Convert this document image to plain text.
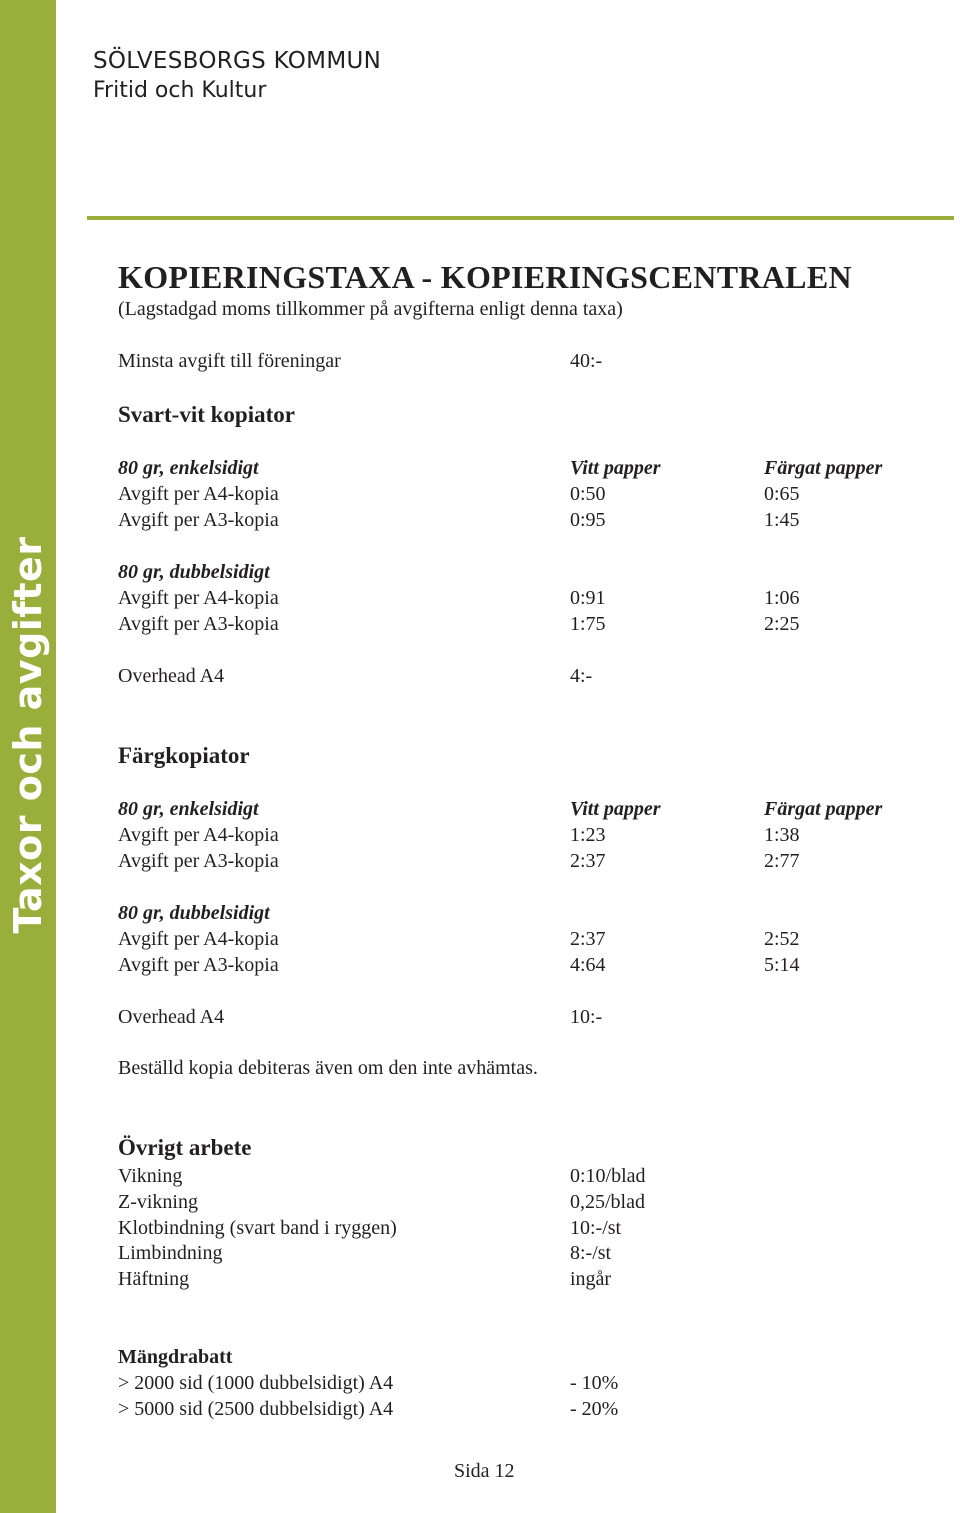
Taxor och avgifter
SÖLVESBORGS KOMMUN
Fritid och Kultur
KOPIERINGSTAXA - KOPIERINGSCENTRALEN
(Lagstadgad moms tillkommer på avgifterna enligt denna taxa)
Minsta avgift till föreningar	40:-
Svart-vit kopiator
80 gr, enkelsidigt	Vitt papper	Färgat papper
Avgift per A4-kopia	0:50	0:65
Avgift per A3-kopia	0:95	1:45
80 gr, dubbelsidigt
Avgift per A4-kopia	0:91	1:06
Avgift per A3-kopia	1:75	2:25
Overhead A4	4:-
Färgkopiator
80 gr, enkelsidigt	Vitt papper	Färgat papper
Avgift per A4-kopia	1:23	1:38
Avgift per A3-kopia	2:37	2:77
80 gr, dubbelsidigt
Avgift per A4-kopia	2:37	2:52
Avgift per A3-kopia	4:64	5:14
Overhead A4	10:-
Beställd kopia debiteras även om den inte avhämtas.
Övrigt arbete
Vikning	0:10/blad
Z-vikning	0,25/blad
Klotbindning (svart band i ryggen)	10:-/st
Limbindning	8:-/st
Häftning	ingår
Mängdrabatt
> 2000 sid (1000 dubbelsidigt) A4	- 10%
> 5000 sid (2500 dubbelsidigt) A4	- 20%
Sida 12
